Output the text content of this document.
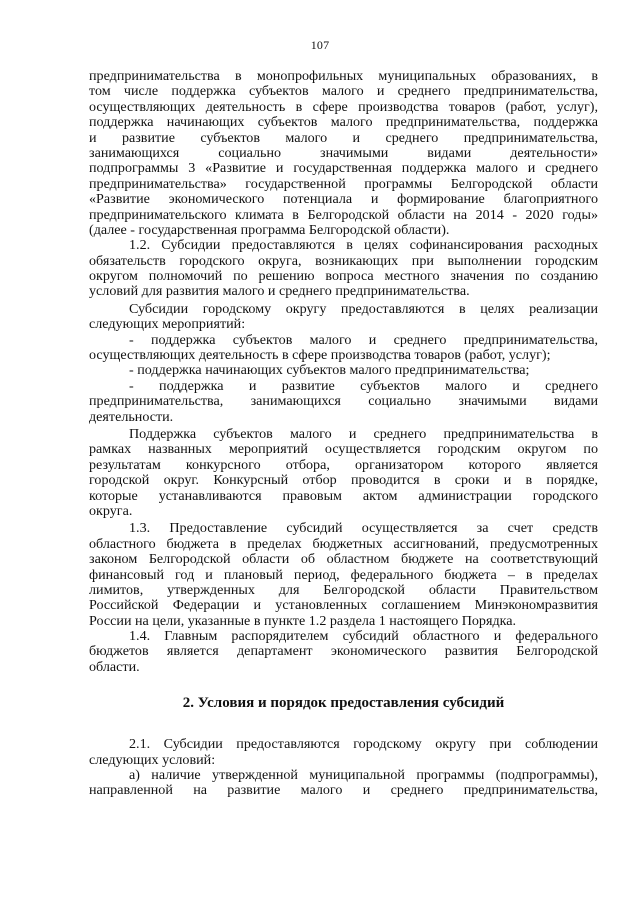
107
предпринимательства в монопрофильных муниципальных образованиях, в
том числе поддержка субъектов малого и среднего предпринимательства,
осуществляющих деятельность в сфере производства товаров (работ, услуг),
поддержка начинающих субъектов малого предпринимательства, поддержка
и развитие субъектов малого и среднего предпринимательства,
занимающихся социально значимыми видами деятельности»
подпрограммы 3 «Развитие и государственная поддержка малого и среднего
предпринимательства» государственной программы Белгородской области
«Развитие экономического потенциала и формирование благоприятного
предпринимательского климата в Белгородской области на 2014 - 2020 годы»
(далее - государственная программа Белгородской области).
1.2. Субсидии предоставляются в целях софинансирования расходных
обязательств городского округа, возникающих при выполнении городским
округом полномочий по решению вопроса местного значения по созданию
условий для развития малого и среднего предпринимательства.
Субсидии городскому округу предоставляются в целях реализации
следующих мероприятий:
- поддержка субъектов малого и среднего предпринимательства,
осуществляющих деятельность в сфере производства товаров (работ, услуг);
- поддержка начинающих субъектов малого предпринимательства;
- поддержка и развитие субъектов малого и среднего
предпринимательства, занимающихся социально значимыми видами
деятельности.
Поддержка субъектов малого и среднего предпринимательства в
рамках названных мероприятий осуществляется городским округом по
результатам конкурсного отбора, организатором которого является
городской округ. Конкурсный отбор проводится в сроки и в порядке,
которые устанавливаются правовым актом администрации городского
округа.
1.3. Предоставление субсидий осуществляется за счет средств
областного бюджета в пределах бюджетных ассигнований, предусмотренных
законом Белгородской области об областном бюджете на соответствующий
финансовый год и плановый период, федерального бюджета – в пределах
лимитов, утвержденных для Белгородской области Правительством
Российской Федерации и установленных соглашением Минэкономразвития
России на цели, указанные в пункте 1.2 раздела 1 настоящего Порядка.
1.4. Главным распорядителем субсидий областного и федерального
бюджетов является департамент экономического развития Белгородской
области.
2. Условия и порядок предоставления субсидий
2.1. Субсидии предоставляются городскому округу при соблюдении
следующих условий:
а) наличие утвержденной муниципальной программы (подпрограммы),
направленной на развитие малого и среднего предпринимательства,
